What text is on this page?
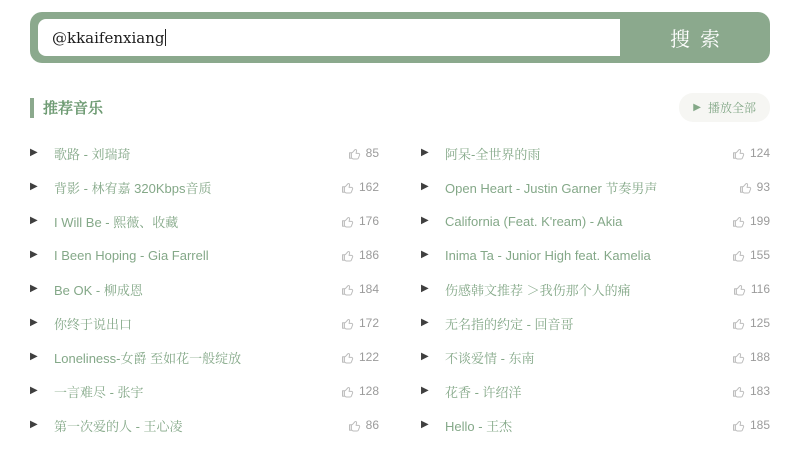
@kkaifenxiang	搜索
推荐音乐	▶ 播放全部
▶	歌路 - 刘瑞琦	85
▶	背影 - 林宥嘉 320Kbps音质	162
▶	I Will Be - 熙薇、收藏	176
▶	I Been Hoping - Gia Farrell	186
▶	Be OK - 柳成恩	184
▶	你终于说出口	172
▶	Loneliness-女爵 至如花一般绽放	122
▶	一言难尽 - 张宇	128
▶	第一次爱的人 - 王心凌	86
▶	阿呆-全世界的雨	124
▶	Open Heart - Justin Garner 节奏男声	93
▶	California (Feat. K'ream) - Akia	199
▶	Inima Ta - Junior High feat. Kamelia	155
▶	伤感韩文推荐 ＞我伤那个人的痛	116
▶	无名指的约定 - 回音哥	125
▶	不谈爱情 - 东南	188
▶	花香 - 许绍洋	183
▶	Hello - 王杰	185
